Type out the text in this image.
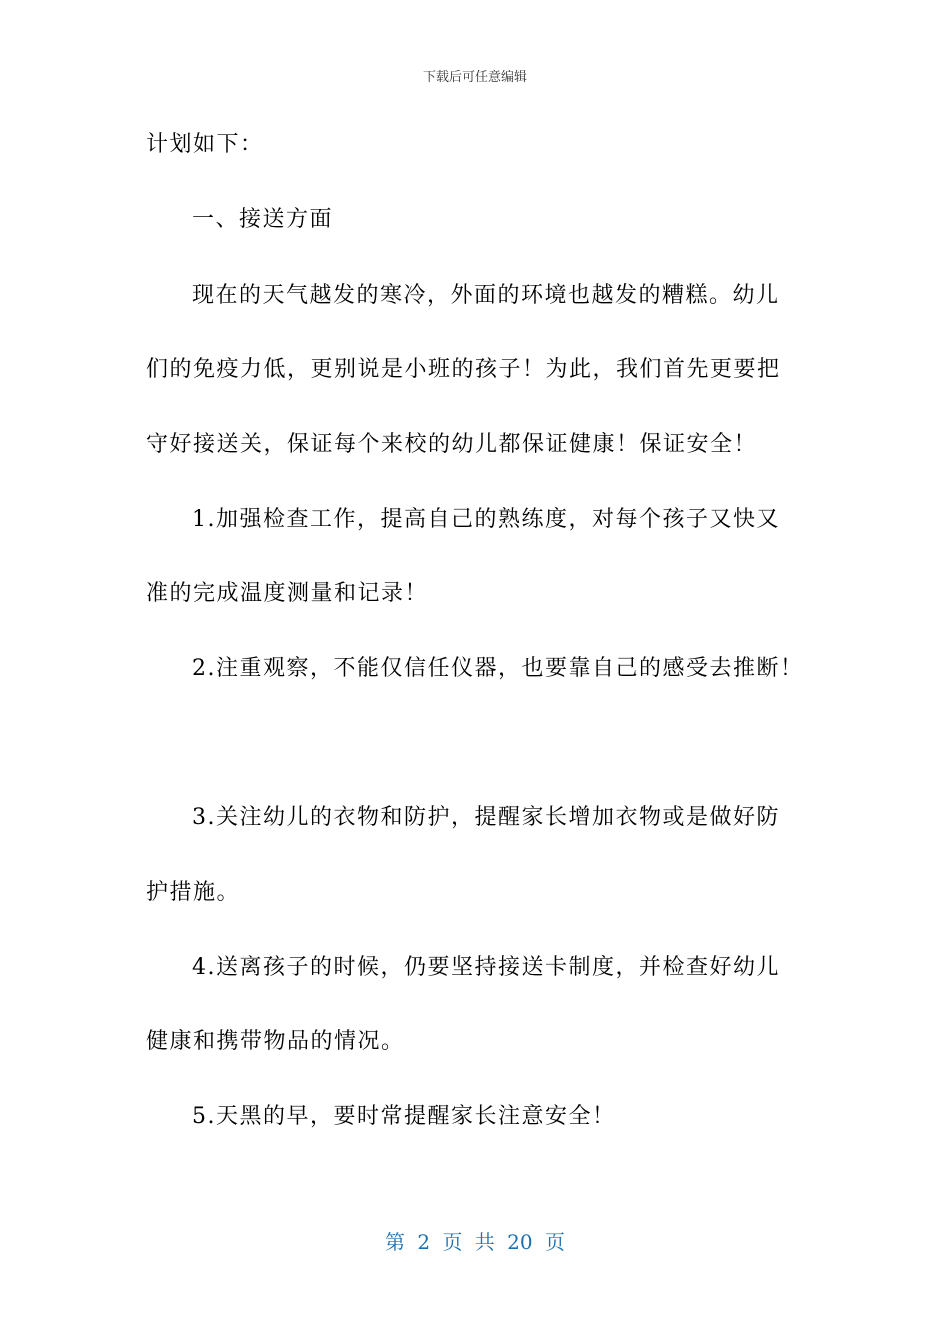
下载后可任意编辑
计划如下：
一、接送方面
现在的天气越发的寒冷，外面的环境也越发的糟糕。幼儿
们的免疫力低，更别说是小班的孩子！为此，我们首先更要把
守好接送关，保证每个来校的幼儿都保证健康！保证安全！
1.加强检查工作，提高自己的熟练度，对每个孩子又快又
准的完成温度测量和记录！
2.注重观察，不能仅信任仪器，也要靠自己的感受去推断！
3.关注幼儿的衣物和防护，提醒家长增加衣物或是做好防
护措施。
4.送离孩子的时候，仍要坚持接送卡制度，并检查好幼儿
健康和携带物品的情况。
5.天黑的早，要时常提醒家长注意安全！
第 2 页 共 20 页
